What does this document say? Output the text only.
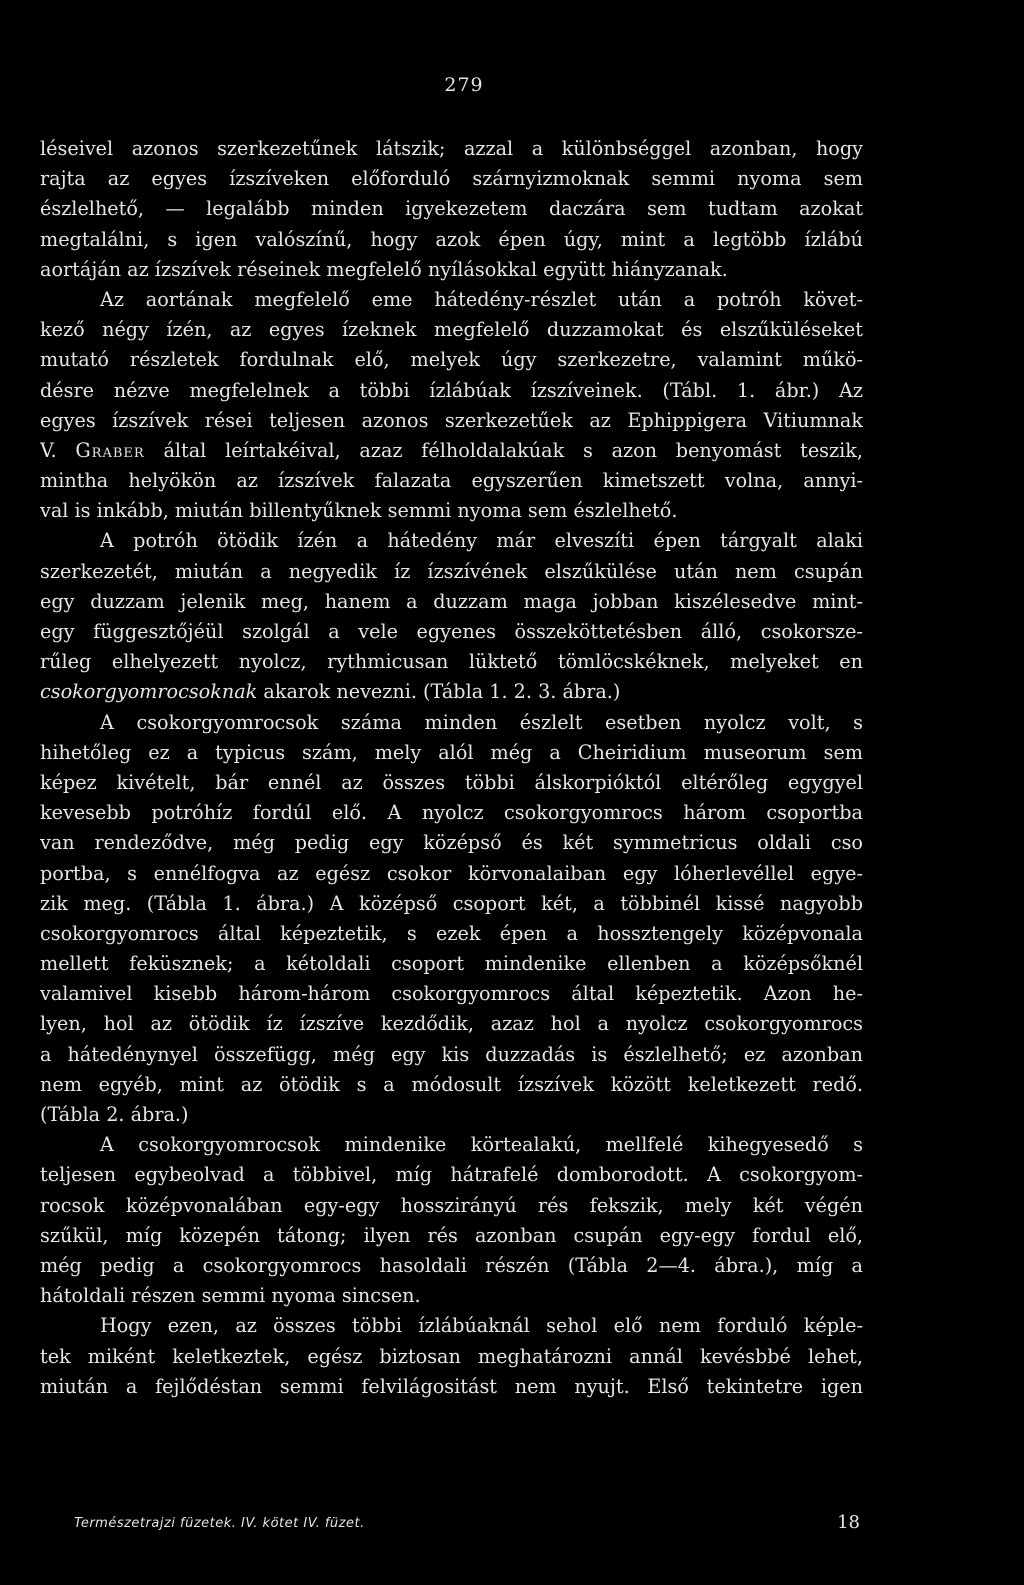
279
léseivel azonos szerkezetűnek látszik; azzal a különbséggel azonban, hogy
rajta az egyes ízszíveken előforduló szárnyizmoknak semmi nyoma sem
észlelhető, — legalább minden igyekezetem daczára sem tudtam azokat
megtalálni, s igen valószínű, hogy azok épen úgy, mint a legtöbb ízlábú
aortáján az ízszívek réseinek megfelelő nyílásokkal együtt hiányzanak.
Az aortának megfelelő eme hátedény-részlet után a potróh követ-
kező négy ízén, az egyes ízeknek megfelelő duzzamokat és elszűküléseket
mutató részletek fordulnak elő, melyek úgy szerkezetre, valamint műkö-
désre nézve megfelelnek a többi ízlábúak ízszíveinek. (Tábl. 1. ábr.) Az
egyes ízszívek rései teljesen azonos szerkezetűek az Ephippigera Vitiumnak
V. Graber által leírtakéival, azaz félholdalakúak s azon benyomást teszik,
mintha helyökön az ízszívek falazata egyszerűen kimetszett volna, annyi-
val is inkább, miután billentyűknek semmi nyoma sem észlelhető.
A potróh ötödik ízén a hátedény már elveszíti épen tárgyalt alaki
szerkezetét, miután a negyedik íz ízszívének elszűkülése után nem csupán
egy duzzam jelenik meg, hanem a duzzam maga jobban kiszélesedve mint-
egy függesztőjéül szolgál a vele egyenes összeköttetésben álló, csokorsze-
rűleg elhelyezett nyolcz, rythmicusan lüktető tömlöcskéknek, melyeket en
csokorgyomrocsoknak akarok nevezni. (Tábla 1. 2. 3. ábra.)
A csokorgyomrocsok száma minden észlelt esetben nyolcz volt, s
hihetőleg ez a typicus szám, mely alól még a Cheiridium museorum sem
képez kivételt, bár ennél az összes többi álskorpióktól eltérőleg egygyel
kevesebb potróhíz fordúl elő. A nyolcz csokorgyomrocs három csoportba
van rendeződve, még pedig egy középső és két symmetricus oldali cso
portba, s ennélfogva az egész csokor körvonalaiban egy lóherlevéllel egye-
zik meg. (Tábla 1. ábra.) A középső csoport két, a többinél kissé nagyobb
csokorgyomrocs által képeztetik, s ezek épen a hossztengely középvonala
mellett feküsznek; a kétoldali csoport mindenike ellenben a középsőknél
valamivel kisebb három-három csokorgyomrocs által képeztetik. Azon he-
lyen, hol az ötödik íz ízszíve kezdődik, azaz hol a nyolcz csokorgyomrocs
a hátedénynyel összefügg, még egy kis duzzadás is észlelhető; ez azonban
nem egyéb, mint az ötödik s a módosult ízszívek között keletkezett redő.
(Tábla 2. ábra.)
A csokorgyomrocsok mindenike körtealakú, mellfelé kihegyesedő s
teljesen egybeolvad a többivel, míg hátrafelé domborodott. A csokorgyom-
rocsok középvonalában egy-egy hosszirányú rés fekszik, mely két végén
szűkül, míg közepén tátong; ilyen rés azonban csupán egy-egy fordul elő,
még pedig a csokorgyomrocs hasoldali részén (Tábla 2—4. ábra.), míg a
hátoldali részen semmi nyoma sincsen.
Hogy ezen, az összes többi ízlábúaknál sehol elő nem forduló képle-
tek miként keletkeztek, egész biztosan meghatározni annál kevésbbé lehet,
miután a fejlődéstan semmi felvilágositást nem nyujt. Első tekintetre igen
Természetrajzi füzetek. IV. kötet IV. füzet.	18
